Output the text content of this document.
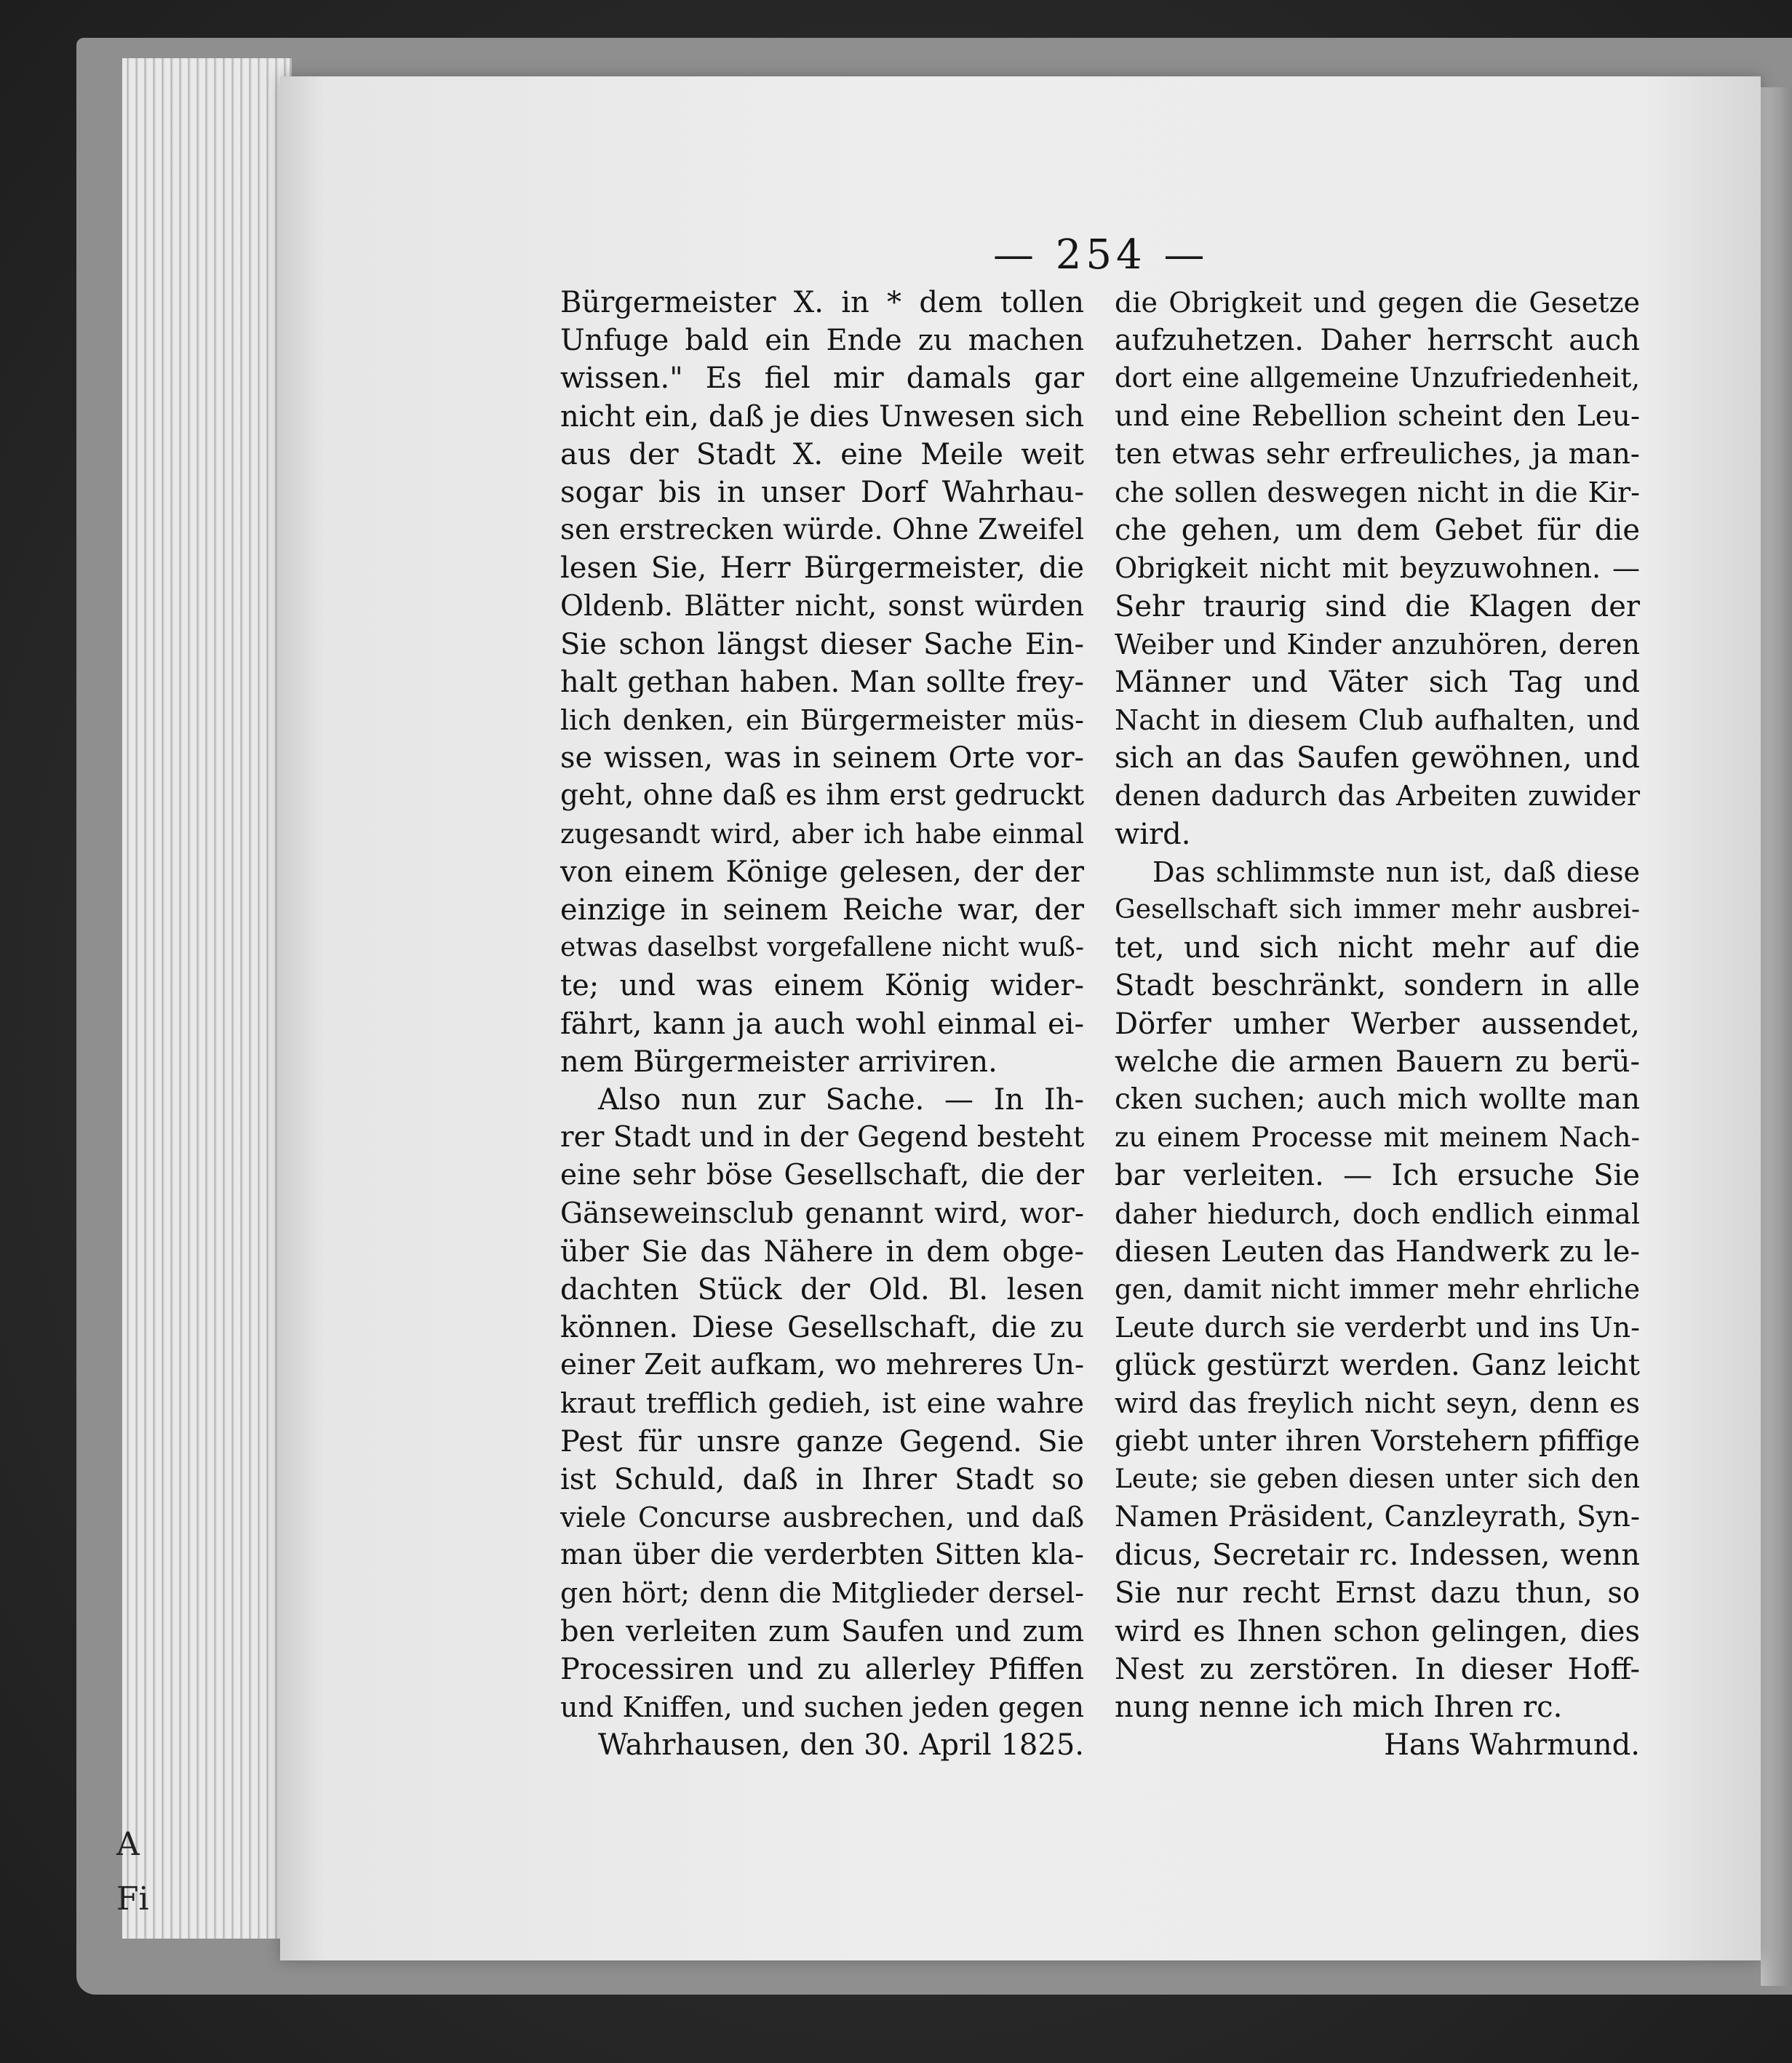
A
Fi
— 254 —
Bürgermeister X. in * dem tollen
Unfuge bald ein Ende zu machen
wissen." Es fiel mir damals gar
nicht ein, daß je dies Unwesen sich
aus der Stadt X. eine Meile weit
sogar bis in unser Dorf Wahrhau-
sen erstrecken würde. Ohne Zweifel
lesen Sie, Herr Bürgermeister, die
Oldenb. Blätter nicht, sonst würden
Sie schon längst dieser Sache Ein-
halt gethan haben. Man sollte frey-
lich denken, ein Bürgermeister müs-
se wissen, was in seinem Orte vor-
geht, ohne daß es ihm erst gedruckt
zugesandt wird, aber ich habe einmal
von einem Könige gelesen, der der
einzige in seinem Reiche war, der
etwas daselbst vorgefallene nicht wuß-
te; und was einem König wider-
fährt, kann ja auch wohl einmal ei-
nem Bürgermeister arriviren.
Also nun zur Sache. — In Ih-
rer Stadt und in der Gegend besteht
eine sehr böse Gesellschaft, die der
Gänseweinsclub genannt wird, wor-
über Sie das Nähere in dem obge-
dachten Stück der Old. Bl. lesen
können. Diese Gesellschaft, die zu
einer Zeit aufkam, wo mehreres Un-
kraut trefflich gedieh, ist eine wahre
Pest für unsre ganze Gegend. Sie
ist Schuld, daß in Ihrer Stadt so
viele Concurse ausbrechen, und daß
man über die verderbten Sitten kla-
gen hört; denn die Mitglieder dersel-
ben verleiten zum Saufen und zum
Processiren und zu allerley Pfiffen
und Kniffen, und suchen jeden gegen
Wahrhausen, den 30. April 1825.
die Obrigkeit und gegen die Gesetze
aufzuhetzen. Daher herrscht auch
dort eine allgemeine Unzufriedenheit,
und eine Rebellion scheint den Leu-
ten etwas sehr erfreuliches, ja man-
che sollen deswegen nicht in die Kir-
che gehen, um dem Gebet für die
Obrigkeit nicht mit beyzuwohnen. —
Sehr traurig sind die Klagen der
Weiber und Kinder anzuhören, deren
Männer und Väter sich Tag und
Nacht in diesem Club aufhalten, und
sich an das Saufen gewöhnen, und
denen dadurch das Arbeiten zuwider
wird.
Das schlimmste nun ist, daß diese
Gesellschaft sich immer mehr ausbrei-
tet, und sich nicht mehr auf die
Stadt beschränkt, sondern in alle
Dörfer umher Werber aussendet,
welche die armen Bauern zu berü-
cken suchen; auch mich wollte man
zu einem Processe mit meinem Nach-
bar verleiten. — Ich ersuche Sie
daher hiedurch, doch endlich einmal
diesen Leuten das Handwerk zu le-
gen, damit nicht immer mehr ehrliche
Leute durch sie verderbt und ins Un-
glück gestürzt werden. Ganz leicht
wird das freylich nicht seyn, denn es
giebt unter ihren Vorstehern pfiffige
Leute; sie geben diesen unter sich den
Namen Präsident, Canzleyrath, Syn-
dicus, Secretair rc. Indessen, wenn
Sie nur recht Ernst dazu thun, so
wird es Ihnen schon gelingen, dies
Nest zu zerstören. In dieser Hoff-
nung nenne ich mich Ihren rc.
Hans Wahrmund.
